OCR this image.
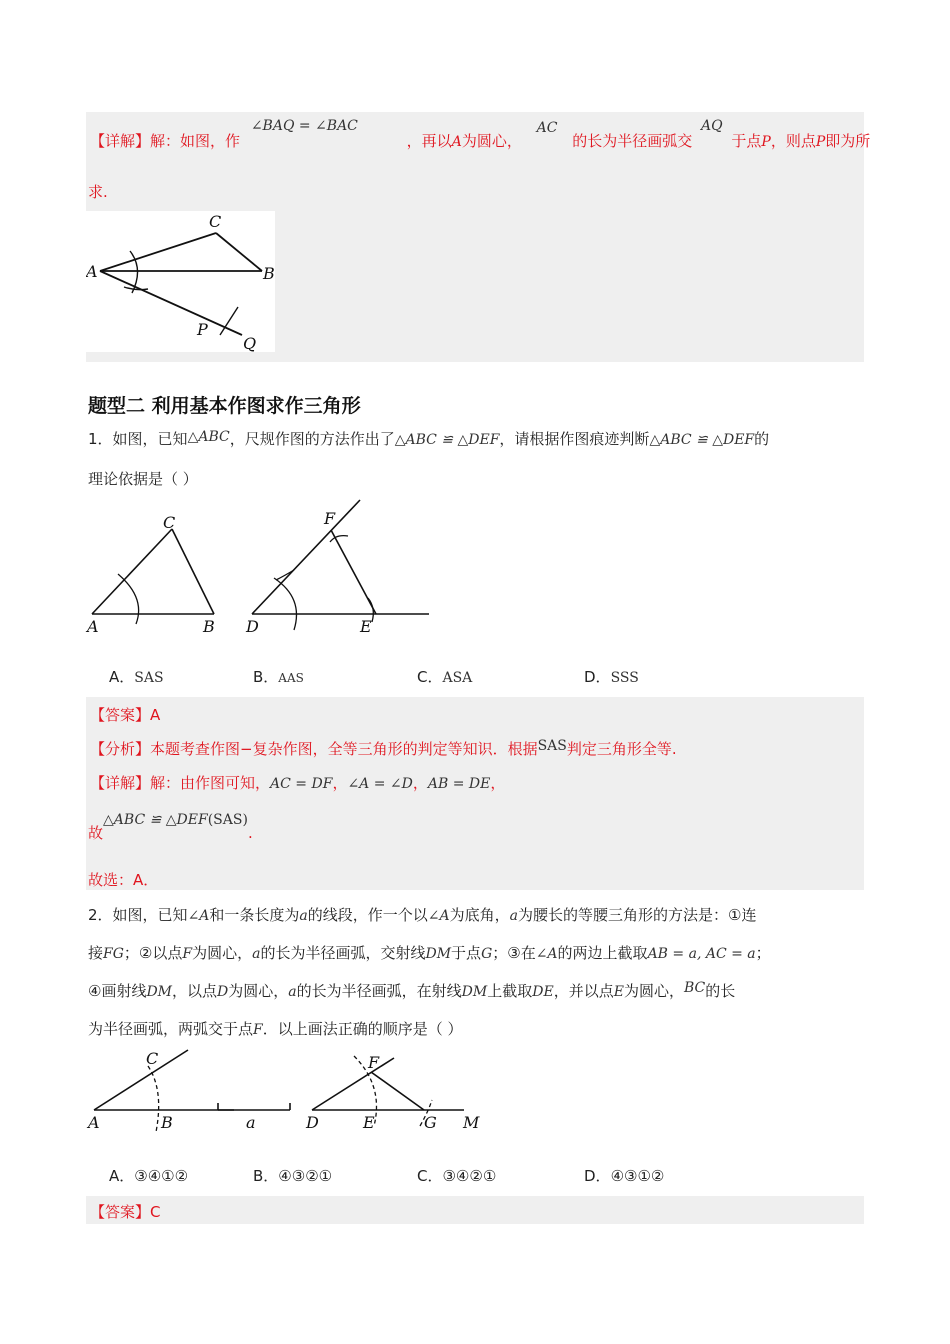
【详解】解：如图，作 ∠BAQ = ∠BAC ，再以A为圆心， AC 的长为半径画弧交 AQ 于点P，则点P即为所
求.
A	B
C
P
Q
题型二 利用基本作图求作三角形
1．如图，已知△ABC，尺规作图的方法作出了△ABC ≌ △DEF，请根据作图痕迹判断△ABC ≌ △DEF的
理论依据是（ ）
A	B
C
D	E
F
A．SAS	B．AAS	C．ASA	D．SSS
【答案】A
【分析】本题考查作图−复杂作图，全等三角形的判定等知识．根据SAS判定三角形全等.
【详解】解：由作图可知，AC = DF，∠A = ∠D，AB = DE，
故△ABC ≌ △DEF(SAS).
故选：A．
2．如图，已知∠A和一条长度为a的线段，作一个以∠A为底角，a为腰长的等腰三角形的方法是：①连
接FG；②以点F为圆心，a的长为半径画弧，交射线DM于点G；③在∠A的两边上截取AB = a, AC = a；
④画射线DM，以点D为圆心，a的长为半径画弧，在射线DM上截取DE，并以点E为圆心，BC的长
为半径画弧，两弧交于点F．以上画法正确的顺序是（ ）
A	B
C
a	D	E
F
G M
A．③④①②	B．④③②①	C．③④②①	D．④③①②
【答案】C
